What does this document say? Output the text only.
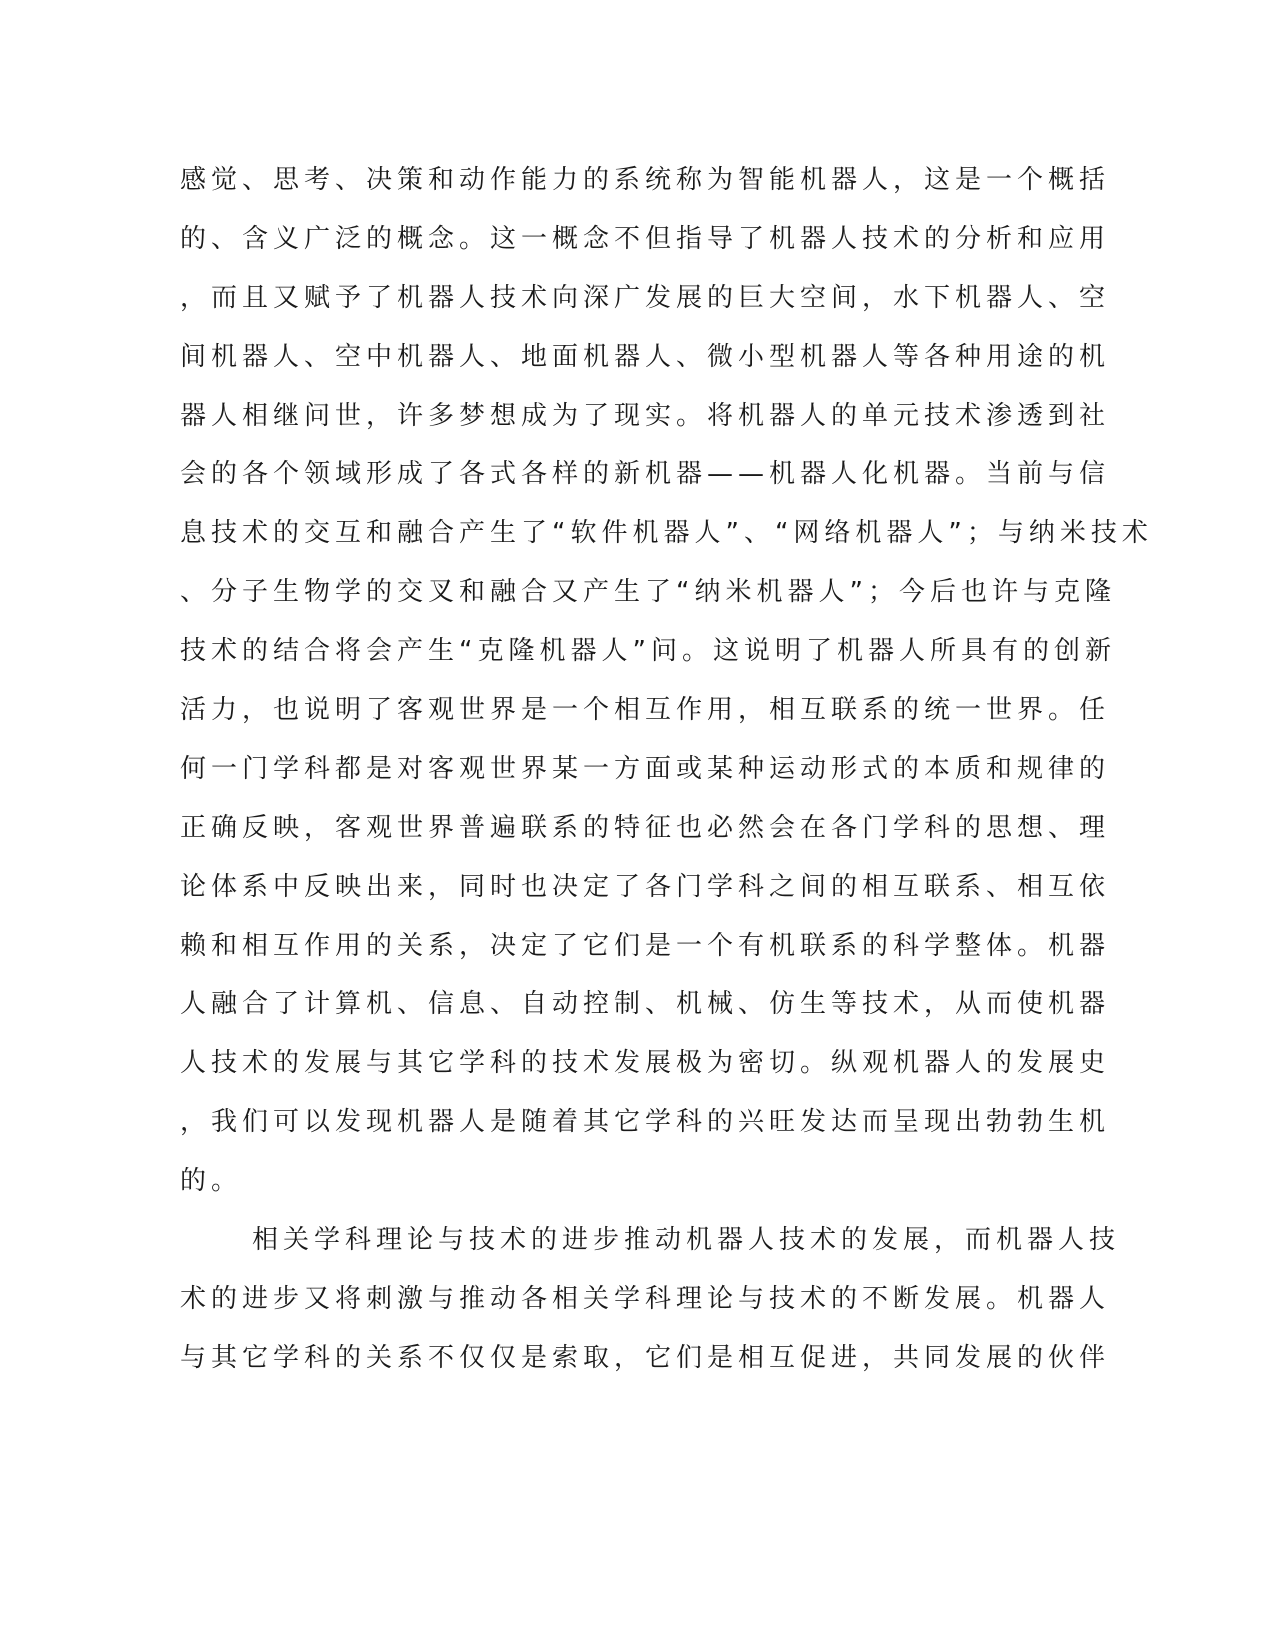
感觉、思考、决策和动作能力的系统称为智能机器人，这是一个概括
的、含义广泛的概念。这一概念不但指导了机器人技术的分析和应用
，而且又赋予了机器人技术向深广发展的巨大空间，水下机器人、空
间机器人、空中机器人、地面机器人、微小型机器人等各种用途的机
器人相继问世，许多梦想成为了现实。将机器人的单元技术渗透到社
会的各个领域形成了各式各样的新机器——机器人化机器。当前与信
息技术的交互和融合产生了“软件机器人”、“网络机器人”；与纳米技术
、分子生物学的交叉和融合又产生了“纳米机器人”；今后也许与克隆
技术的结合将会产生“克隆机器人”问。这说明了机器人所具有的创新
活力，也说明了客观世界是一个相互作用，相互联系的统一世界。任
何一门学科都是对客观世界某一方面或某种运动形式的本质和规律的
正确反映，客观世界普遍联系的特征也必然会在各门学科的思想、理
论体系中反映出来，同时也决定了各门学科之间的相互联系、相互依
赖和相互作用的关系，决定了它们是一个有机联系的科学整体。机器
人融合了计算机、信息、自动控制、机械、仿生等技术，从而使机器
人技术的发展与其它学科的技术发展极为密切。纵观机器人的发展史
，我们可以发现机器人是随着其它学科的兴旺发达而呈现出勃勃生机
的。
相关学科理论与技术的进步推动机器人技术的发展，而机器人技
术的进步又将刺激与推动各相关学科理论与技术的不断发展。机器人
与其它学科的关系不仅仅是索取，它们是相互促进，共同发展的伙伴
